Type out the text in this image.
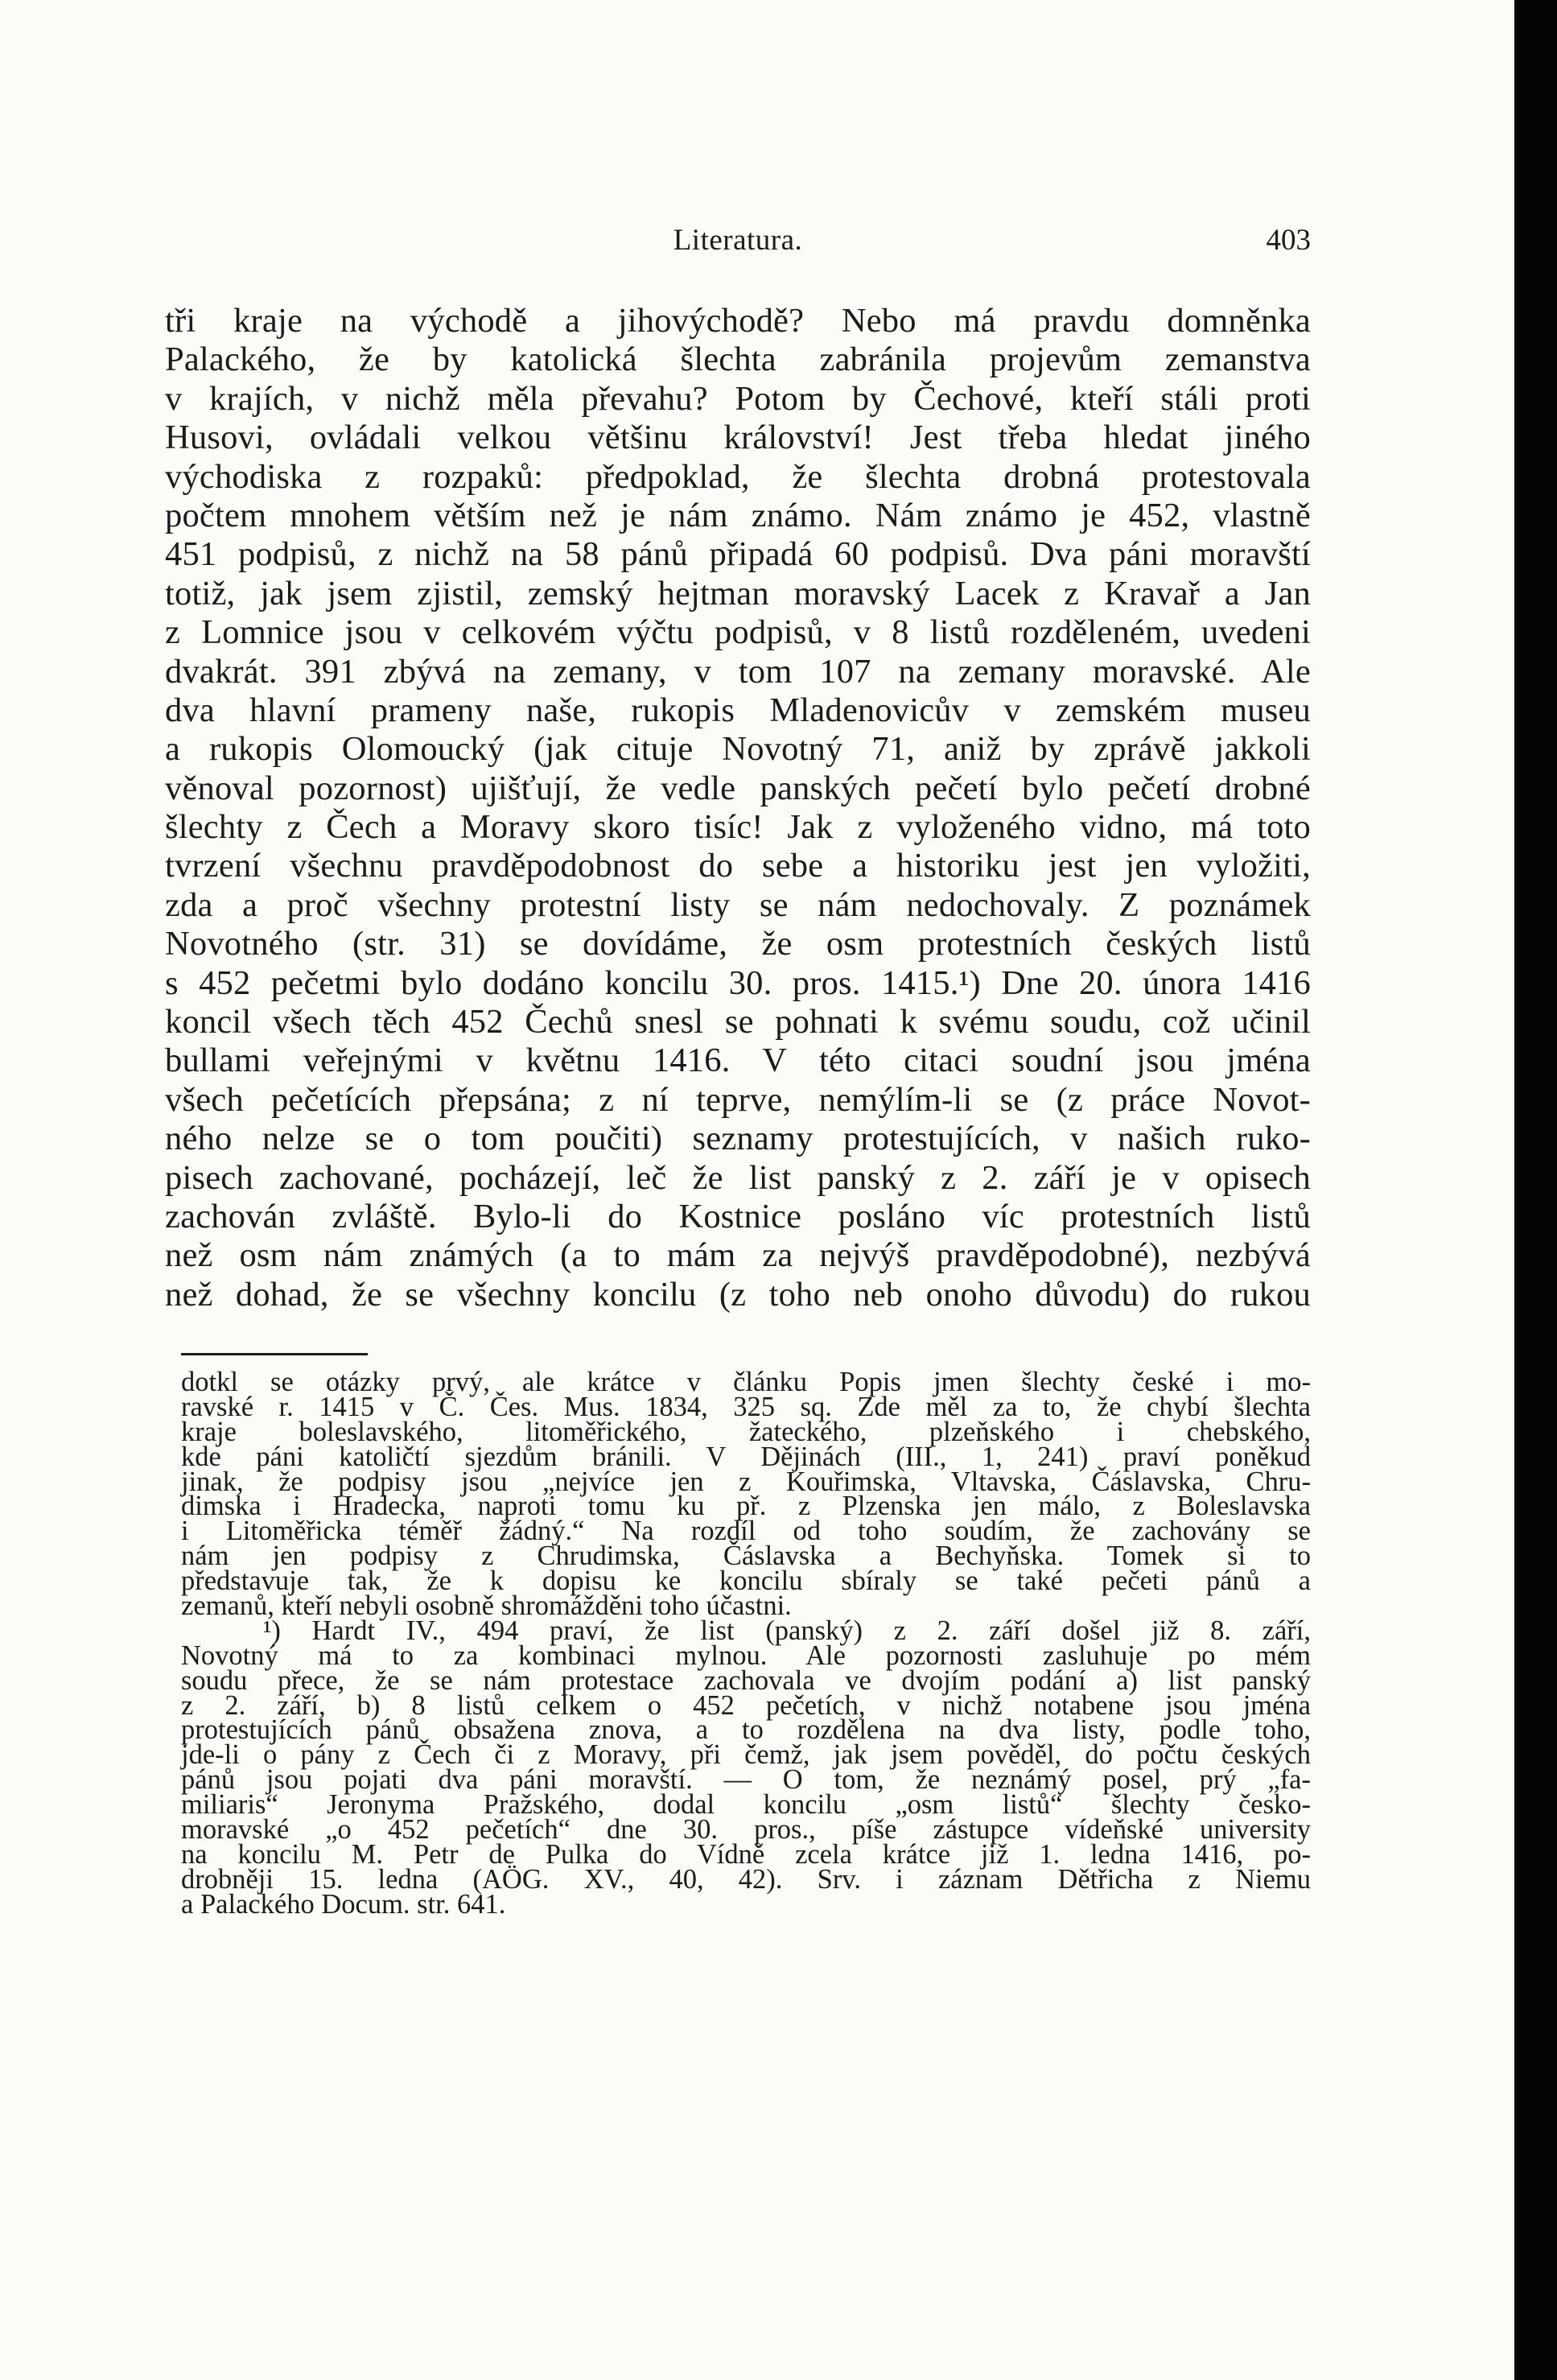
Literatura.	403
tři kraje na východě a jihovýchodě? Nebo má pravdu domněnka
Palackého, že by katolická šlechta zabránila projevům zemanstva
v krajích, v nichž měla převahu? Potom by Čechové, kteří stáli proti
Husovi, ovládali velkou většinu království! Jest třeba hledat jiného
východiska z rozpaků: předpoklad, že šlechta drobná protestovala
počtem mnohem větším než je nám známo. Nám známo je 452, vlastně
451 podpisů, z nichž na 58 pánů připadá 60 podpisů. Dva páni moravští
totiž, jak jsem zjistil, zemský hejtman moravský Lacek z Kravař a Jan
z Lomnice jsou v celkovém výčtu podpisů, v 8 listů rozděleném, uvedeni
dvakrát. 391 zbývá na zemany, v tom 107 na zemany moravské. Ale
dva hlavní prameny naše, rukopis Mladenovicův v zemském museu
a rukopis Olomoucký (jak cituje Novotný 71, aniž by zprávě jakkoli
věnoval pozornost) ujišťují, že vedle panských pečetí bylo pečetí drobné
šlechty z Čech a Moravy skoro tisíc! Jak z vyloženého vidno, má toto
tvrzení všechnu pravděpodobnost do sebe a historiku jest jen vyložiti,
zda a proč všechny protestní listy se nám nedochovaly. Z poznámek
Novotného (str. 31) se dovídáme, že osm protestních českých listů
s 452 pečetmi bylo dodáno koncilu 30. pros. 1415.¹) Dne 20. února 1416
koncil všech těch 452 Čechů snesl se pohnati k svému soudu, což učinil
bullami veřejnými v květnu 1416. V této citaci soudní jsou jména
všech pečetících přepsána; z ní teprve, nemýlím-li se (z práce Novot-
ného nelze se o tom poučiti) seznamy protestujících, v našich ruko-
pisech zachované, pocházejí, leč že list panský z 2. září je v opisech
zachován zvláště. Bylo-li do Kostnice posláno víc protestních listů
než osm nám známých (a to mám za nejvýš pravděpodobné), nezbývá
než dohad, že se všechny koncilu (z toho neb onoho důvodu) do rukou
dotkl se otázky prvý, ale krátce v článku Popis jmen šlechty české i mo-
ravské r. 1415 v Č. Čes. Mus. 1834, 325 sq. Zde měl za to, že chybí šlechta
kraje boleslavského, litoměřického, žateckého, plzeňského i chebského,
kde páni katoličtí sjezdům bránili. V Dějinách (III., 1, 241) praví poněkud
jinak, že podpisy jsou „nejvíce jen z Kouřimska, Vltavska, Čáslavska, Chru-
dimska i Hradecka, naproti tomu ku př. z Plzenska jen málo, z Boleslavska
i Litoměřicka téměř žádný.“ Na rozdíl od toho soudím, že zachovány se
nám jen podpisy z Chrudimska, Čáslavska a Bechyňska. Tomek si to
představuje tak, že k dopisu ke koncilu sbíraly se také pečeti pánů a
zemanů, kteří nebyli osobně shromážděni toho účastni.
¹) Hardt IV., 494 praví, že list (panský) z 2. září došel již 8. září,
Novotný má to za kombinaci mylnou. Ale pozornosti zasluhuje po mém
soudu přece, že se nám protestace zachovala ve dvojím podání a) list panský
z 2. září, b) 8 listů celkem o 452 pečetích, v nichž notabene jsou jména
protestujících pánů obsažena znova, a to rozdělena na dva listy, podle toho,
jde-li o pány z Čech či z Moravy, při čemž, jak jsem pověděl, do počtu českých
pánů jsou pojati dva páni moravští. — O tom, že neznámý posel, prý „fa-
miliaris“ Jeronyma Pražského, dodal koncilu „osm listů“ šlechty česko-
moravské „o 452 pečetích“ dne 30. pros., píše zástupce vídeňské university
na koncilu M. Petr de Pulka do Vídně zcela krátce již 1. ledna 1416, po-
drobněji 15. ledna (AÖG. XV., 40, 42). Srv. i záznam Dětřicha z Niemu
a Palackého Docum. str. 641.
